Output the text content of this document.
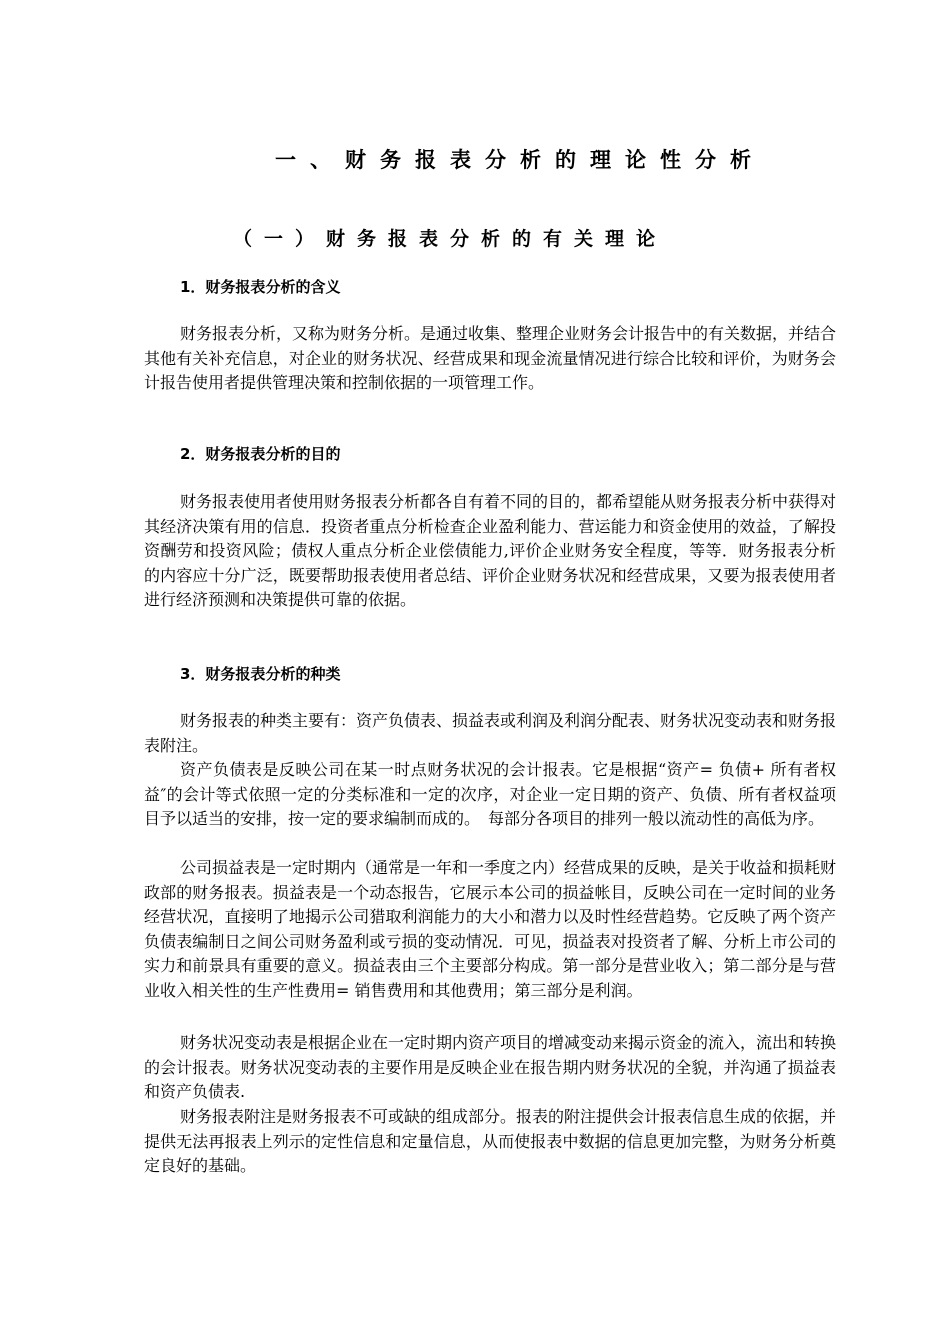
一、财务报表分析的理论性分析
（一）财务报表分析的有关理论
1．财务报表分析的含义

财务报表分析，又称为财务分析。是通过收集、整理企业财务会计报告中的有关数据，并结合其他有关补充信息，对企业的财务状况、经营成果和现金流量情况进行综合比较和评价，为财务会计报告使用者提供管理决策和控制依据的一项管理工作。

2．财务报表分析的目的

财务报表使用者使用财务报表分析都各自有着不同的目的，都希望能从财务报表分析中获得对其经济决策有用的信息．投资者重点分析检查企业盈利能力、营运能力和资金使用的效益，了解投资酬劳和投资风险；债权人重点分析企业偿债能力,评价企业财务安全程度，等等．财务报表分析的内容应十分广泛，既要帮助报表使用者总结、评价企业财务状况和经营成果，又要为报表使用者进行经济预测和决策提供可靠的依据。

3．财务报表分析的种类

财务报表的种类主要有：资产负债表、损益表或利润及利润分配表、财务状况变动表和财务报表附注。

资产负债表是反映公司在某一时点财务状况的会计报表。它是根据“资产= 负债+ 所有者权益″的会计等式依照一定的分类标准和一定的次序，对企业一定日期的资产、负债、所有者权益项目予以适当的安排，按一定的要求编制而成的。　每部分各项目的排列一般以流动性的高低为序。

公司损益表是一定时期内（通常是一年和一季度之内）经营成果的反映，是关于收益和损耗财政部的财务报表。损益表是一个动态报告，它展示本公司的损益帐目，反映公司在一定时间的业务经营状况，直接明了地揭示公司猎取利润能力的大小和潜力以及时性经营趋势。它反映了两个资产负债表编制日之间公司财务盈利或亏损的变动情况．可见，损益表对投资者了解、分析上市公司的实力和前景具有重要的意义。损益表由三个主要部分构成。第一部分是营业收入；第二部分是与营业收入相关性的生产性费用= 销售费用和其他费用；第三部分是利润。

财务状况变动表是根据企业在一定时期内资产项目的增减变动来揭示资金的流入，流出和转换的会计报表。财务状况变动表的主要作用是反映企业在报告期内财务状况的全貌，并沟通了损益表和资产负债表.

财务报表附注是财务报表不可或缺的组成部分。报表的附注提供会计报表信息生成的依据，并提供无法再报表上列示的定性信息和定量信息，从而使报表中数据的信息更加完整，为财务分析奠定良好的基础。
